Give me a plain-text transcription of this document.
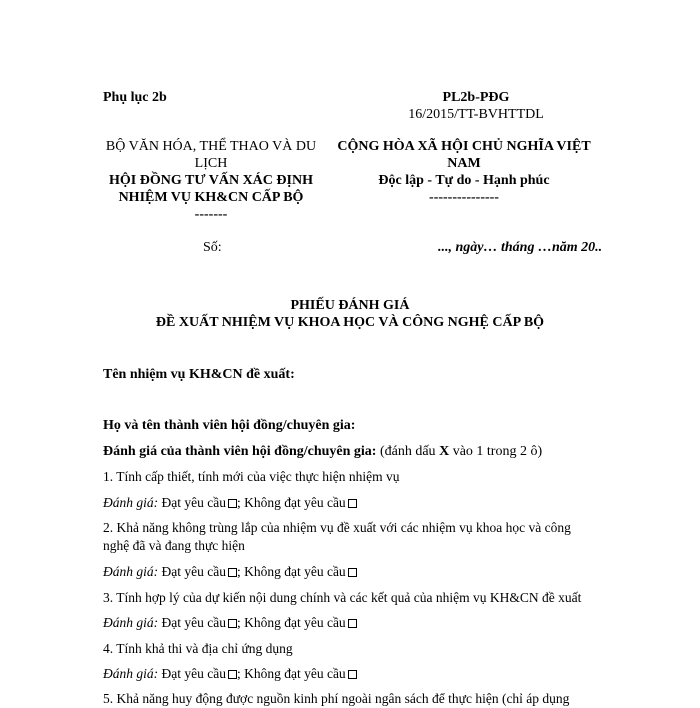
Phụ lục 2b	PL2b-PĐG
16/2015/TT-BVHTTDL
BỘ VĂN HÓA, THỂ THAO VÀ DU
LỊCH
HỘI ĐỒNG TƯ VẤN XÁC ĐỊNH
NHIỆM VỤ KH&CN CẤP BỘ
-------
CỘNG HÒA XÃ HỘI CHỦ NGHĨA VIỆT
NAM
Độc lập - Tự do - Hạnh phúc
---------------
Số:	..., ngày… tháng …năm 20..
PHIẾU ĐÁNH GIÁ
ĐỀ XUẤT NHIỆM VỤ KHOA HỌC VÀ CÔNG NGHỆ CẤP BỘ
Tên nhiệm vụ KH&CN đề xuất:
Họ và tên thành viên hội đồng/chuyên gia:
Đánh giá của thành viên hội đồng/chuyên gia: (đánh dấu X vào 1 trong 2 ô)
1. Tính cấp thiết, tính mới của việc thực hiện nhiệm vụ
Đánh giá: Đạt yêu cầu ; Không đạt yêu cầu
2. Khả năng không trùng lắp của nhiệm vụ đề xuất với các nhiệm vụ khoa học và công
nghệ đã và đang thực hiện
Đánh giá: Đạt yêu cầu ; Không đạt yêu cầu
3. Tính hợp lý của dự kiến nội dung chính và các kết quả của nhiệm vụ KH&CN đề xuất
Đánh giá: Đạt yêu cầu ; Không đạt yêu cầu
4. Tính khả thi và địa chỉ ứng dụng
Đánh giá: Đạt yêu cầu ; Không đạt yêu cầu
5. Khả năng huy động được nguồn kinh phí ngoài ngân sách để thực hiện (chỉ áp dụng
